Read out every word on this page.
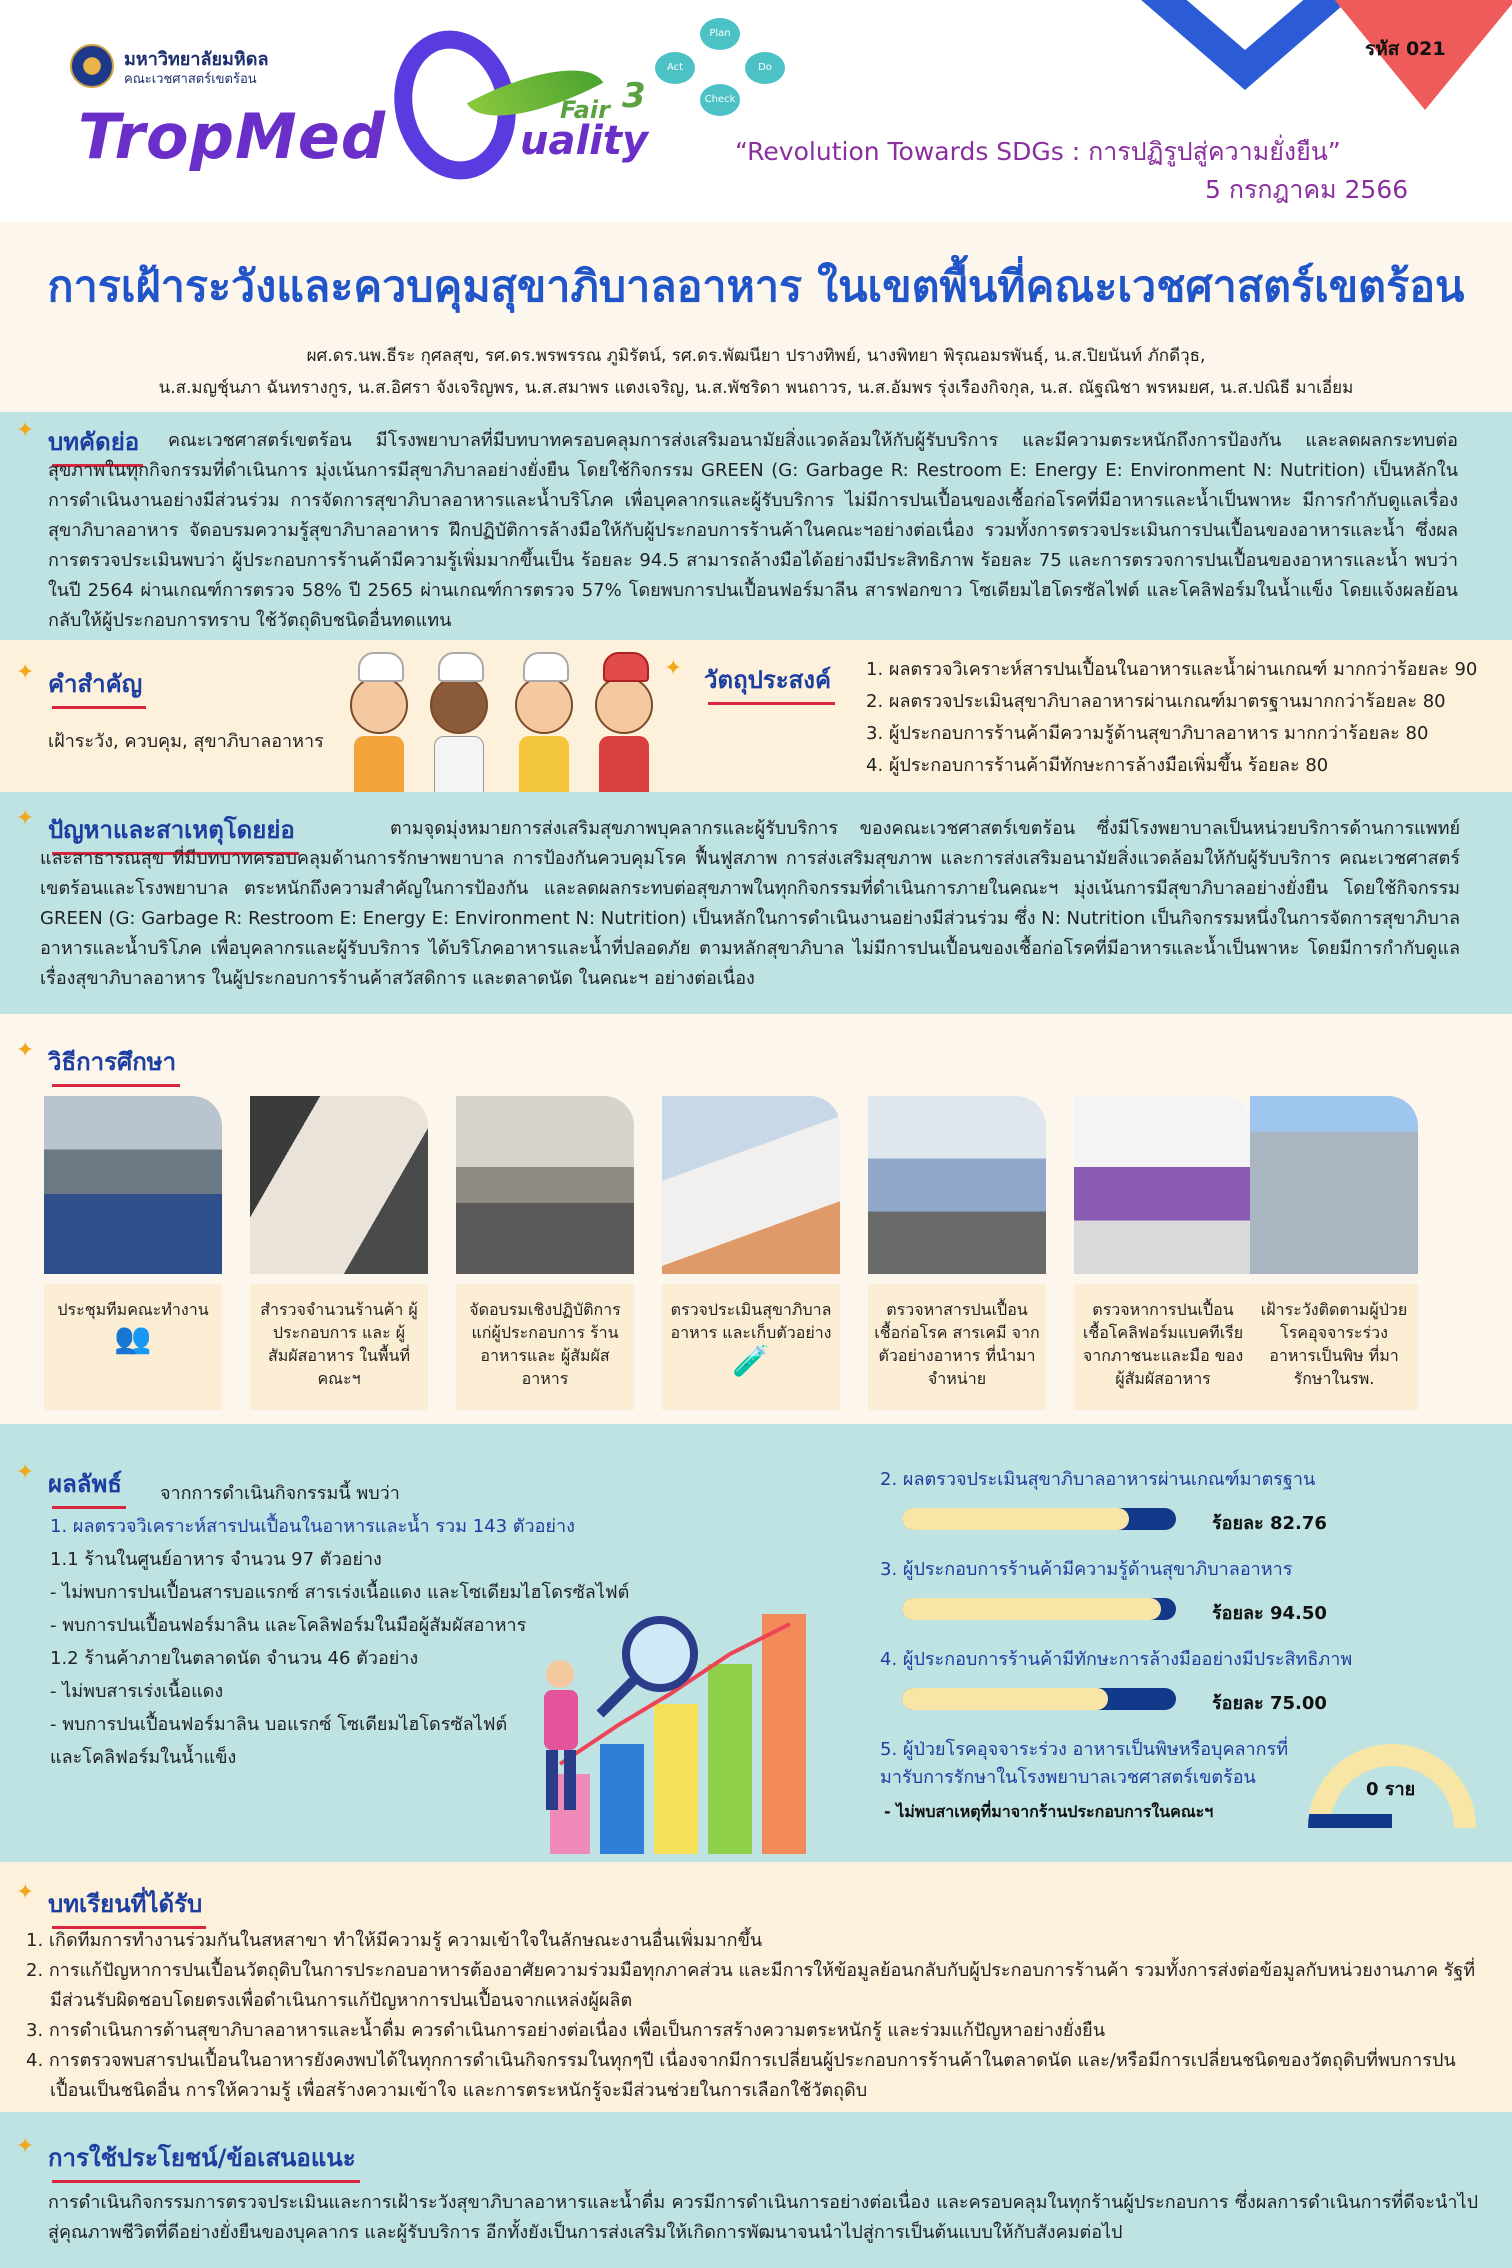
รหัส 021
มหาวิทยาลัยมหิดล
คณะเวชศาสตร์เขตร้อน
TropMed	uality
Fair 3
Plan
Do
Check
Act
“Revolution Towards SDGs : การปฏิรูปสู่ความยั่งยืน”
5 กรกฎาคม 2566
การเฝ้าระวังและควบคุมสุขาภิบาลอาหาร ในเขตพื้นที่คณะเวชศาสตร์เขตร้อน
ผศ.ดร.นพ.ธีระ กุศลสุข, รศ.ดร.พรพรรณ ภูมิรัตน์, รศ.ดร.พัฒนียา ปรางทิพย์, นางพิทยา พิรุณอมรพันธุ์, น.ส.ปิยนันท์ ภักดีวุธ,
น.ส.มญชุ์นภา ฉันทรางกูร, น.ส.อิศรา จังเจริญพร, น.ส.สมาพร แตงเจริญ, น.ส.พัชริดา พนถาวร, น.ส.อัมพร รุ่งเรืองกิจกุล, น.ส. ณัฐณิชา พรหมยศ, น.ส.ปณิธี มาเอี่ยม
✦ บทคัดย่อ	คณะเวชศาสตร์เขตร้อน มีโรงพยาบาลที่มีบทบาทครอบคลุมการส่งเสริมอนามัยสิ่งแวดล้อมให้กับผู้รับบริการ และมีความตระหนักถึงการป้องกัน และลดผลกระทบต่อสุขภาพในทุกกิจกรรมที่ดำเนินการ มุ่งเน้นการมีสุขาภิบาลอย่างยั่งยืน โดยใช้กิจกรรม GREEN (G: Garbage R: Restroom E: Energy E: Environment N: Nutrition) เป็นหลักในการดำเนินงานอย่างมีส่วนร่วม การจัดการสุขาภิบาลอาหารและน้ำบริโภค เพื่อบุคลากรและผู้รับบริการ ไม่มีการปนเปื้อนของเชื้อก่อโรคที่มีอาหารและน้ำเป็นพาหะ มีการกำกับดูแลเรื่องสุขาภิบาลอาหาร จัดอบรมความรู้สุขาภิบาลอาหาร ฝึกปฏิบัติการล้างมือให้กับผู้ประกอบการร้านค้าในคณะฯอย่างต่อเนื่อง รวมทั้งการตรวจประเมินการปนเปื้อนของอาหารและน้ำ ซึ่งผลการตรวจประเมินพบว่า ผู้ประกอบการร้านค้ามีความรู้เพิ่มมากขึ้นเป็น ร้อยละ 94.5 สามารถล้างมือได้อย่างมีประสิทธิภาพ ร้อยละ 75 และการตรวจการปนเปื้อนของอาหารและน้ำ พบว่าในปี 2564 ผ่านเกณฑ์การตรวจ 58% ปี 2565 ผ่านเกณฑ์การตรวจ 57% โดยพบการปนเปื้อนฟอร์มาลีน สารฟอกขาว โซเดียมไฮโดรซัลไฟต์ และโคลิฟอร์มในน้ำแข็ง โดยแจ้งผลย้อนกลับให้ผู้ประกอบการทราบ ใช้วัตถุดิบชนิดอื่นทดแทน
✦ คำสำคัญ
เฝ้าระวัง, ควบคุม, สุขาภิบาลอาหาร
✦ วัตถุประสงค์ 1. ผลตรวจวิเคราะห์สารปนเปื้อนในอาหารและน้ำผ่านเกณฑ์ มากกว่าร้อยละ 90
2. ผลตรวจประเมินสุขาภิบาลอาหารผ่านเกณฑ์มาตรฐานมากกว่าร้อยละ 80
3. ผู้ประกอบการร้านค้ามีความรู้ด้านสุขาภิบาลอาหาร มากกว่าร้อยละ 80
4. ผู้ประกอบการร้านค้ามีทักษะการล้างมือเพิ่มขึ้น ร้อยละ 80
✦ ปัญหาและสาเหตุโดยย่อ	ตามจุดมุ่งหมายการส่งเสริมสุขภาพบุคลากรและผู้รับบริการ ของคณะเวชศาสตร์เขตร้อน ซึ่งมีโรงพยาบาลเป็นหน่วยบริการด้านการแพทย์และสาธารณสุข ที่มีบทบาทครอบคลุมด้านการรักษาพยาบาล การป้องกันควบคุมโรค ฟื้นฟูสภาพ การส่งเสริมสุขภาพ และการส่งเสริมอนามัยสิ่งแวดล้อมให้กับผู้รับบริการ คณะเวชศาสตร์เขตร้อนและโรงพยาบาล ตระหนักถึงความสำคัญในการป้องกัน และลดผลกระทบต่อสุขภาพในทุกกิจกรรมที่ดำเนินการภายในคณะฯ มุ่งเน้นการมีสุขาภิบาลอย่างยั่งยืน โดยใช้กิจกรรม GREEN (G: Garbage R: Restroom E: Energy E: Environment N: Nutrition) เป็นหลักในการดำเนินงานอย่างมีส่วนร่วม ซึ่ง N: Nutrition เป็นกิจกรรมหนึ่งในการจัดการสุขาภิบาลอาหารและน้ำบริโภค เพื่อบุคลากรและผู้รับบริการ ได้บริโภคอาหารและน้ำที่ปลอดภัย ตามหลักสุขาภิบาล ไม่มีการปนเปื้อนของเชื้อก่อโรคที่มีอาหารและน้ำเป็นพาหะ โดยมีการกำกับดูแลเรื่องสุขาภิบาลอาหาร ในผู้ประกอบการร้านค้าสวัสดิการ และตลาดนัด ในคณะฯ อย่างต่อเนื่อง
✦ วิธีการศึกษา
ประชุมทีมคณะทำงาน
👥
สำรวจจำนวนร้านค้า ผู้ประกอบการ และ ผู้สัมผัสอาหาร ในพื้นที่คณะฯ
จัดอบรมเชิงปฏิบัติการ แก่ผู้ประกอบการ ร้านอาหารและ ผู้สัมผัสอาหาร
ตรวจประเมินสุขาภิบาล อาหาร และเก็บตัวอย่าง
🧪
ตรวจหาสารปนเปื้อน เชื้อก่อโรค สารเคมี จากตัวอย่างอาหาร ที่นำมาจำหน่าย
ตรวจหาการปนเปื้อน เชื้อโคลิฟอร์มแบคทีเรีย จากภาชนะและมือ ของผู้สัมผัสอาหาร
เฝ้าระวังติดตามผู้ป่วย โรคอุจจาระร่วง อาหารเป็นพิษ ที่มารักษาในรพ.
✦ ผลลัพธ์ จากการดำเนินกิจกรรมนี้ พบว่า
1. ผลตรวจวิเคราะห์สารปนเปื้อนในอาหารและน้ำ รวม 143 ตัวอย่าง
1.1 ร้านในศูนย์อาหาร จำนวน 97 ตัวอย่าง
- ไม่พบการปนเปื้อนสารบอแรกซ์ สารเร่งเนื้อแดง และโซเดียมไฮโดรซัลไฟต์
- พบการปนเปื้อนฟอร์มาลิน และโคลิฟอร์มในมือผู้สัมผัสอาหาร
1.2 ร้านค้าภายในตลาดนัด จำนวน 46 ตัวอย่าง
- ไม่พบสารเร่งเนื้อแดง
- พบการปนเปื้อนฟอร์มาลิน บอแรกซ์ โซเดียมไฮโดรซัลไฟต์
และโคลิฟอร์มในน้ำแข็ง
2. ผลตรวจประเมินสุขาภิบาลอาหารผ่านเกณฑ์มาตรฐาน
ร้อยละ 82.76
3. ผู้ประกอบการร้านค้ามีความรู้ด้านสุขาภิบาลอาหาร
ร้อยละ 94.50
4. ผู้ประกอบการร้านค้ามีทักษะการล้างมืออย่างมีประสิทธิภาพ
ร้อยละ 75.00
5. ผู้ป่วยโรคอุจจาระร่วง อาหารเป็นพิษหรือบุคลากรที่
มารับการรักษาในโรงพยาบาลเวชศาสตร์เขตร้อน
0 ราย
- ไม่พบสาเหตุที่มาจากร้านประกอบการในคณะฯ
✦ บทเรียนที่ได้รับ
1. เกิดทีมการทำงานร่วมกันในสหสาขา ทำให้มีความรู้ ความเข้าใจในลักษณะงานอื่นเพิ่มมากขึ้น
2. การแก้ปัญหาการปนเปื้อนวัตถุดิบในการประกอบอาหารต้องอาศัยความร่วมมือทุกภาคส่วน และมีการให้ข้อมูลย้อนกลับกับผู้ประกอบการร้านค้า รวมทั้งการส่งต่อข้อมูลกับหน่วยงานภาค รัฐที่มีส่วนรับผิดชอบโดยตรงเพื่อดำเนินการแก้ปัญหาการปนเปื้อนจากแหล่งผู้ผลิต
3. การดำเนินการด้านสุขาภิบาลอาหารและน้ำดื่ม ควรดำเนินการอย่างต่อเนื่อง เพื่อเป็นการสร้างความตระหนักรู้ และร่วมแก้ปัญหาอย่างยั่งยืน
4. การตรวจพบสารปนเปื้อนในอาหารยังคงพบได้ในทุกการดำเนินกิจกรรมในทุกๆปี เนื่องจากมีการเปลี่ยนผู้ประกอบการร้านค้าในตลาดนัด และ/หรือมีการเปลี่ยนชนิดของวัตถุดิบที่พบการปนเปื้อนเป็นชนิดอื่น การให้ความรู้ เพื่อสร้างความเข้าใจ และการตระหนักรู้จะมีส่วนช่วยในการเลือกใช้วัตถุดิบ
✦ การใช้ประโยชน์/ข้อเสนอแนะ
การดำเนินกิจกรรมการตรวจประเมินและการเฝ้าระวังสุขาภิบาลอาหารและน้ำดื่ม ควรมีการดำเนินการอย่างต่อเนื่อง และครอบคลุมในทุกร้านผู้ประกอบการ ซึ่งผลการดำเนินการที่ดีจะนำไปสู่คุณภาพชีวิตที่ดีอย่างยั่งยืนของบุคลากร และผู้รับบริการ อีกทั้งยังเป็นการส่งเสริมให้เกิดการพัฒนาจนนำไปสู่การเป็นต้นแบบให้กับสังคมต่อไป
